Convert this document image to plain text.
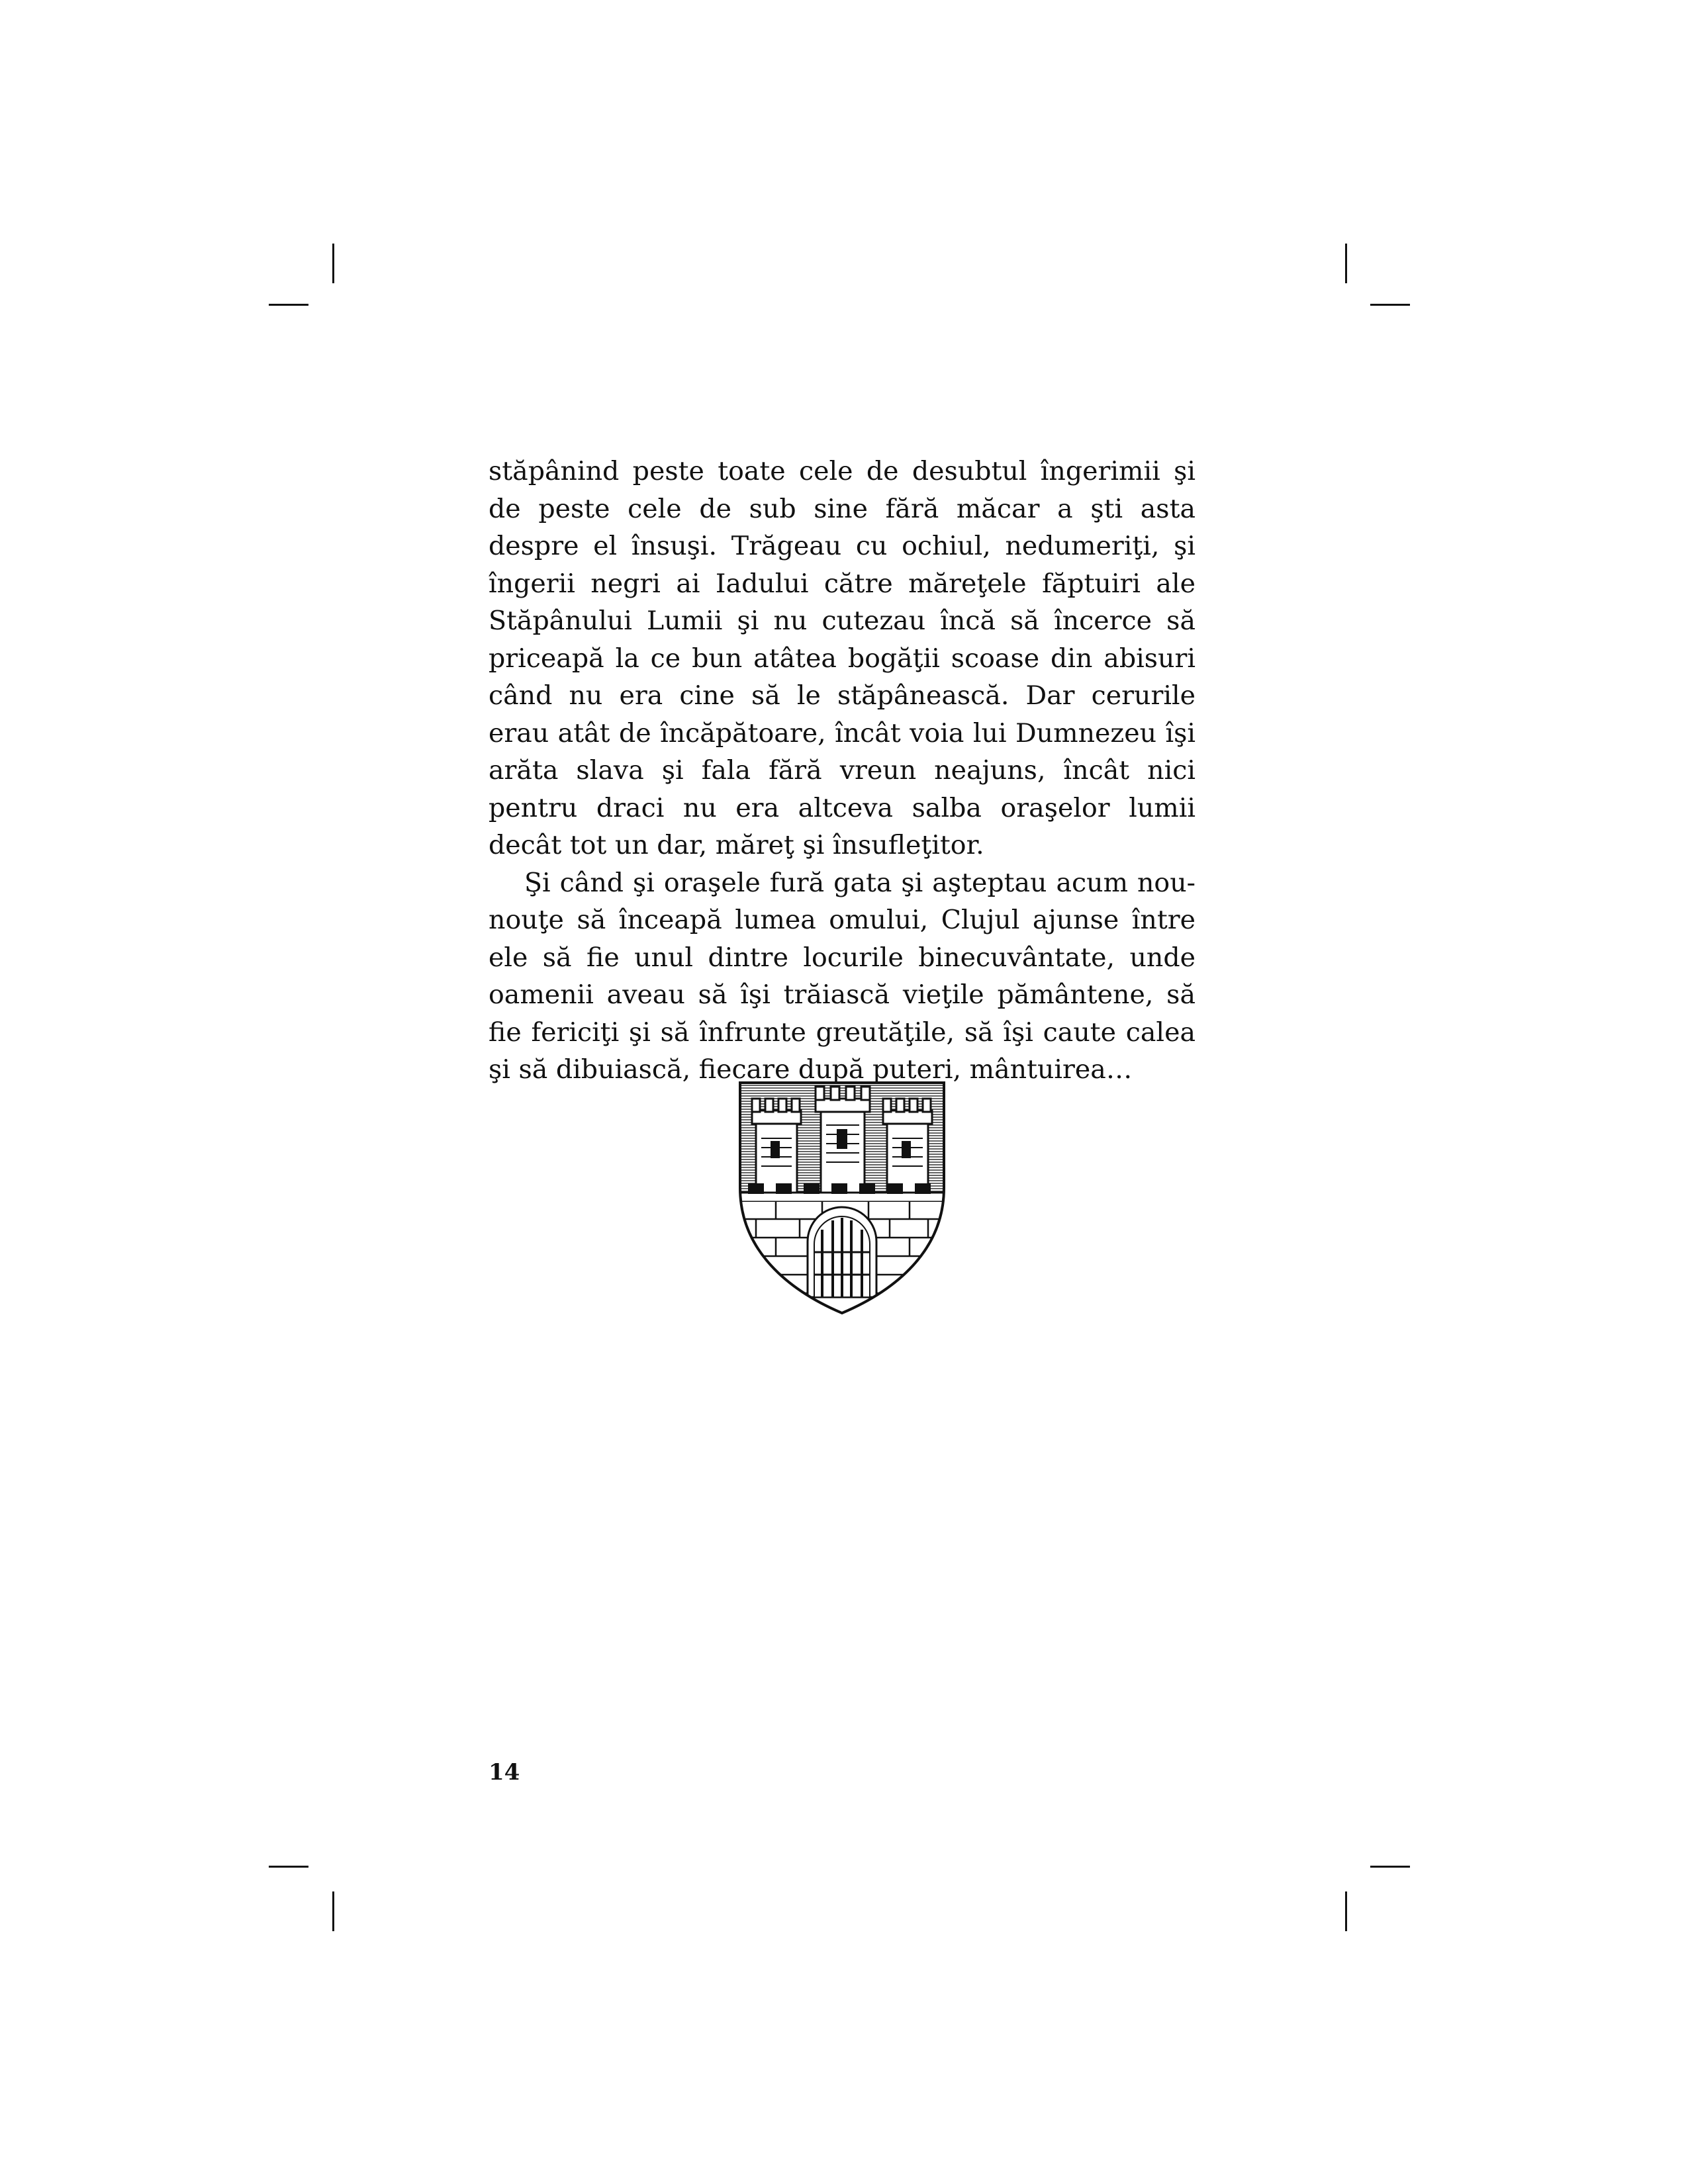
stăpânind peste toate cele de desubtul îngerimii şi de peste cele de sub sine fără măcar a şti asta despre el însuşi. Trăgeau cu ochiul, nedumeriţi, şi îngerii negri ai Iadului către măreţele făptuiri ale Stăpânului Lumii şi nu cutezau încă să încerce să priceapă la ce bun atâtea bogăţii scoase din abisuri când nu era cine să le stăpânească. Dar cerurile erau atât de încăpătoare, încât voia lui Dumnezeu îşi arăta slava şi fala fără vreun neajuns, încât nici pentru draci nu era altceva salba oraşelor lumii decât tot un dar, măreţ şi însufleţitor.

Şi când şi oraşele fură gata şi aşteptau acum nou-nouţe să înceapă lumea omului, Clujul ajunse între ele să fie unul dintre locurile binecuvântate, unde oamenii aveau să îşi trăiască vieţile pământene, să fie fericiţi şi să înfrunte greutăţile, să îşi caute calea şi să dibuiască, fiecare după puteri, mântuirea…

14
